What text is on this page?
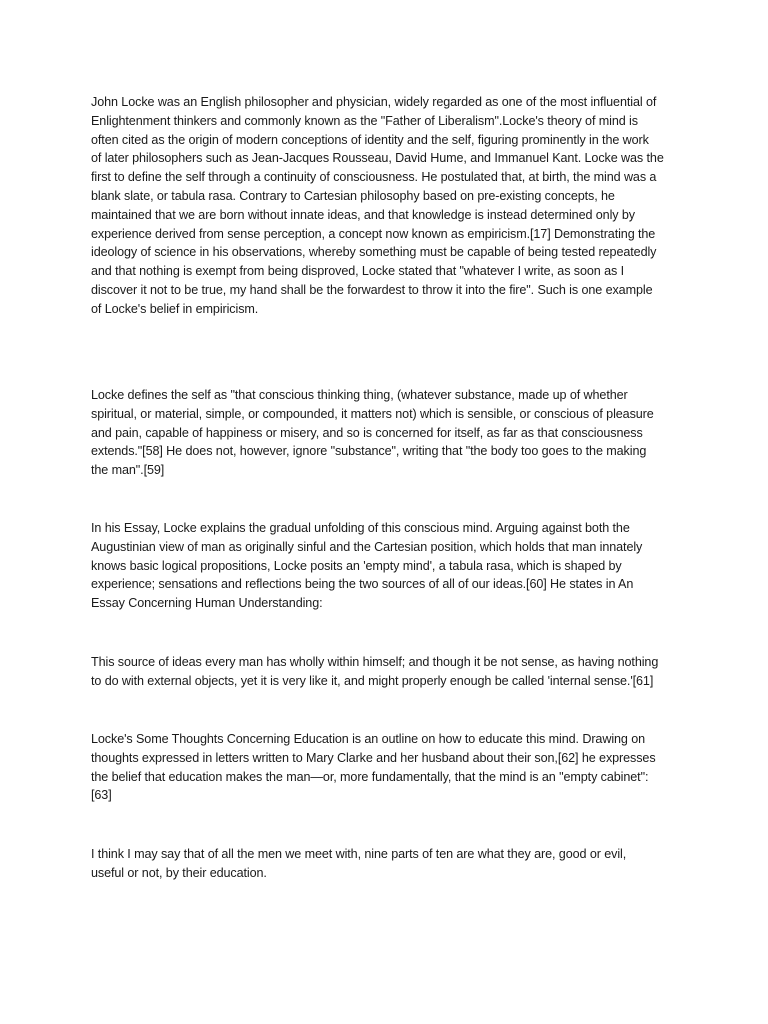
John Locke was an English philosopher and physician, widely regarded as one of the most influential of
Enlightenment thinkers and commonly known as the "Father of Liberalism".Locke's theory of mind is
often cited as the origin of modern conceptions of identity and the self, figuring prominently in the work
of later philosophers such as Jean-Jacques Rousseau, David Hume, and Immanuel Kant. Locke was the
first to define the self through a continuity of consciousness. He postulated that, at birth, the mind was a
blank slate, or tabula rasa. Contrary to Cartesian philosophy based on pre-existing concepts, he
maintained that we are born without innate ideas, and that knowledge is instead determined only by
experience derived from sense perception, a concept now known as empiricism.[17] Demonstrating the
ideology of science in his observations, whereby something must be capable of being tested repeatedly
and that nothing is exempt from being disproved, Locke stated that "whatever I write, as soon as I
discover it not to be true, my hand shall be the forwardest to throw it into the fire". Such is one example
of Locke's belief in empiricism.

Locke defines the self as "that conscious thinking thing, (whatever substance, made up of whether
spiritual, or material, simple, or compounded, it matters not) which is sensible, or conscious of pleasure
and pain, capable of happiness or misery, and so is concerned for itself, as far as that consciousness
extends."[58] He does not, however, ignore "substance", writing that "the body too goes to the making
the man".[59]

In his Essay, Locke explains the gradual unfolding of this conscious mind. Arguing against both the
Augustinian view of man as originally sinful and the Cartesian position, which holds that man innately
knows basic logical propositions, Locke posits an 'empty mind', a tabula rasa, which is shaped by
experience; sensations and reflections being the two sources of all of our ideas.[60] He states in An
Essay Concerning Human Understanding:

This source of ideas every man has wholly within himself; and though it be not sense, as having nothing
to do with external objects, yet it is very like it, and might properly enough be called 'internal sense.'[61]

Locke's Some Thoughts Concerning Education is an outline on how to educate this mind. Drawing on
thoughts expressed in letters written to Mary Clarke and her husband about their son,[62] he expresses
the belief that education makes the man—or, more fundamentally, that the mind is an "empty cabinet":
[63]

I think I may say that of all the men we meet with, nine parts of ten are what they are, good or evil,
useful or not, by their education.
